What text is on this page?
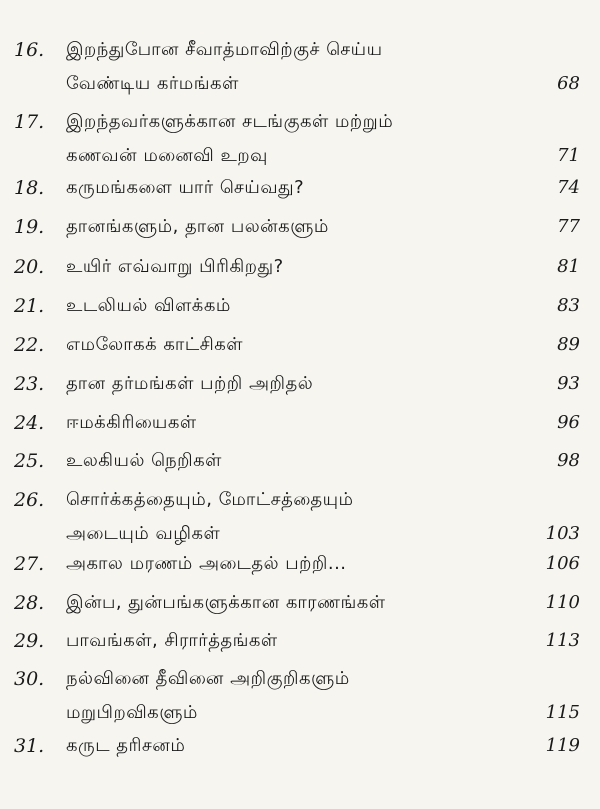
16. இறந்துபோன சீவாத்மாவிற்குச் செய்ய
வேண்டிய கர்மங்கள்	68
17. இறந்தவர்களுக்கான சடங்குகள் மற்றும்
கணவன் மனைவி உறவு	71
18. கருமங்களை யார் செய்வது?	74
19. தானங்களும், தான பலன்களும்	77
20. உயிர் எவ்வாறு பிரிகிறது?	81
21. உடலியல் விளக்கம்	83
22. எமலோகக் காட்சிகள்	89
23. தான தர்மங்கள் பற்றி அறிதல்	93
24. ஈமக்கிரியைகள்	96
25. உலகியல் நெறிகள்	98
26. சொர்க்கத்தையும், மோட்சத்தையும்
அடையும் வழிகள்	103
27. அகால மரணம் அடைதல் பற்றி...	106
28. இன்ப, துன்பங்களுக்கான காரணங்கள்	110
29. பாவங்கள், சிரார்த்தங்கள்	113
30. நல்வினை தீவினை அறிகுறிகளும்
மறுபிறவிகளும்	115
31. கருட தரிசனம்	119
